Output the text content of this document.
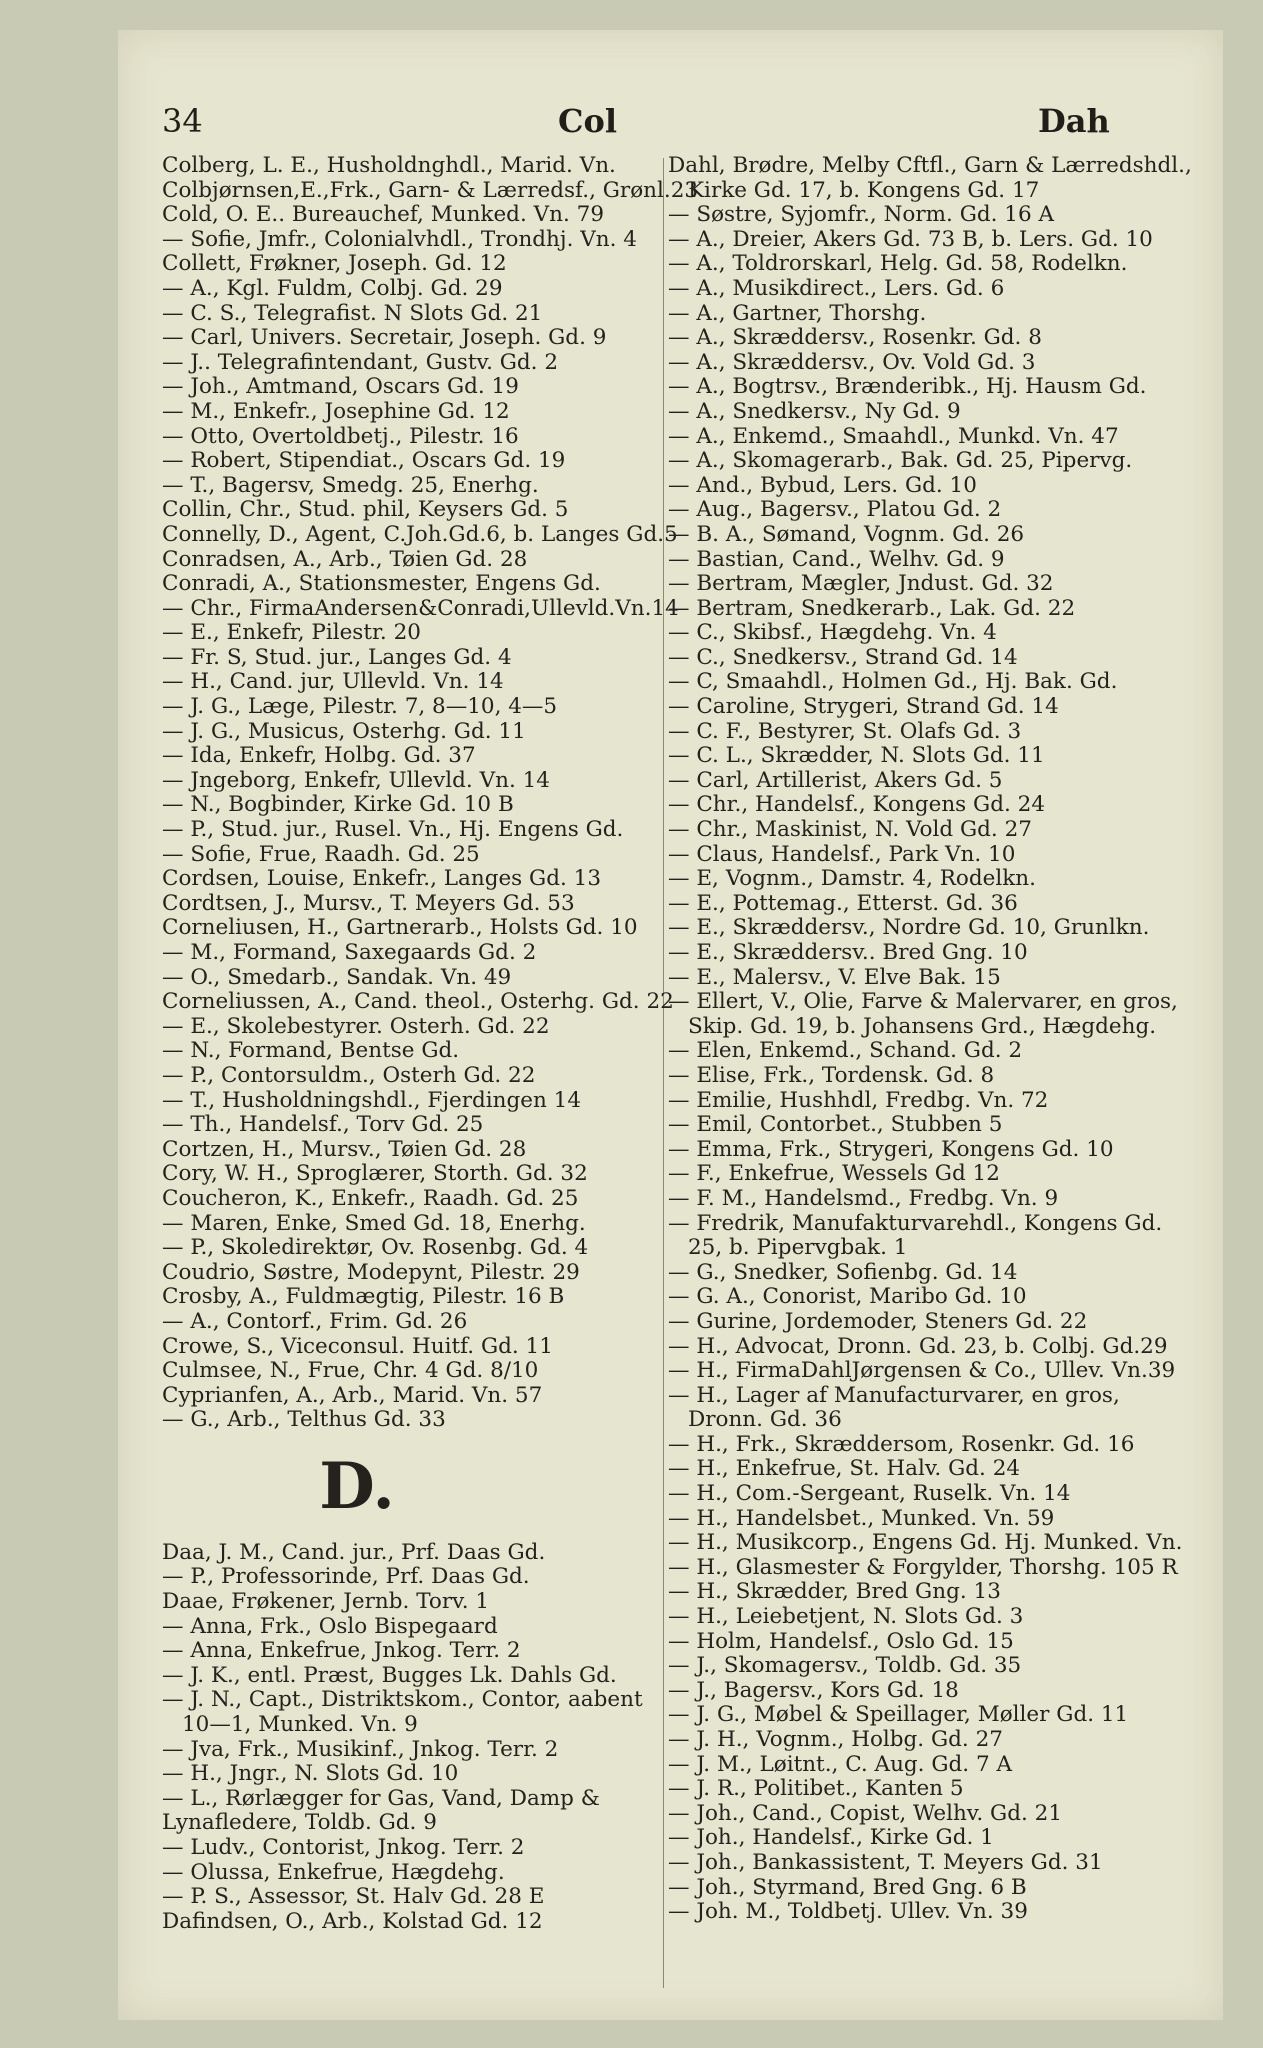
34	Col	Dah
Colberg, L. E., Husholdnghdl., Marid. Vn.
Colbjørnsen,E.,Frk., Garn- & Lærredsf., Grønl.23
Cold, O. E.. Bureauchef, Munked. Vn. 79
— Sofie, Jmfr., Colonialvhdl., Trondhj. Vn. 4
Collett, Frøkner, Joseph. Gd. 12
— A., Kgl. Fuldm, Colbj. Gd. 29
— C. S., Telegrafist. N Slots Gd. 21
— Carl, Univers. Secretair, Joseph. Gd. 9
— J.. Telegrafintendant, Gustv. Gd. 2
— Joh., Amtmand, Oscars Gd. 19
— M., Enkefr., Josephine Gd. 12
— Otto, Overtoldbetj., Pilestr. 16
— Robert, Stipendiat., Oscars Gd. 19
— T., Bagersv, Smedg. 25, Enerhg.
Collin, Chr., Stud. phil, Keysers Gd. 5
Connelly, D., Agent, C.Joh.Gd.6, b. Langes Gd.5
Conradsen, A., Arb., Tøien Gd. 28
Conradi, A., Stationsmester, Engens Gd.
— Chr., FirmaAndersen&Conradi,Ullevld.Vn.14
— E., Enkefr, Pilestr. 20
— Fr. S, Stud. jur., Langes Gd. 4
— H., Cand. jur, Ullevld. Vn. 14
— J. G., Læge, Pilestr. 7, 8—10, 4—5
— J. G., Musicus, Osterhg. Gd. 11
— Ida, Enkefr, Holbg. Gd. 37
— Jngeborg, Enkefr, Ullevld. Vn. 14
— N., Bogbinder, Kirke Gd. 10 B
— P., Stud. jur., Rusel. Vn., Hj. Engens Gd.
— Sofie, Frue, Raadh. Gd. 25
Cordsen, Louise, Enkefr., Langes Gd. 13
Cordtsen, J., Mursv., T. Meyers Gd. 53
Corneliusen, H., Gartnerarb., Holsts Gd. 10
— M., Formand, Saxegaards Gd. 2
— O., Smedarb., Sandak. Vn. 49
Corneliussen, A., Cand. theol., Osterhg. Gd. 22
— E., Skolebestyrer. Osterh. Gd. 22
— N., Formand, Bentse Gd.
— P., Contorsuldm., Osterh Gd. 22
— T., Husholdningshdl., Fjerdingen 14
— Th., Handelsf., Torv Gd. 25
Cortzen, H., Mursv., Tøien Gd. 28
Cory, W. H., Sproglærer, Storth. Gd. 32
Coucheron, K., Enkefr., Raadh. Gd. 25
— Maren, Enke, Smed Gd. 18, Enerhg.
— P., Skoledirektør, Ov. Rosenbg. Gd. 4
Coudrio, Søstre, Modepynt, Pilestr. 29
Crosby, A., Fuldmægtig, Pilestr. 16 B
— A., Contorf., Frim. Gd. 26
Crowe, S., Viceconsul. Huitf. Gd. 11
Culmsee, N., Frue, Chr. 4 Gd. 8/10
Cyprianfen, A., Arb., Marid. Vn. 57
— G., Arb., Telthus Gd. 33
D.
Daa, J. M., Cand. jur., Prf. Daas Gd.
— P., Professorinde, Prf. Daas Gd.
Daae, Frøkener, Jernb. Torv. 1
— Anna, Frk., Oslo Bispegaard
— Anna, Enkefrue, Jnkog. Terr. 2
— J. K., entl. Præst, Bugges Lk. Dahls Gd.
— J. N., Capt., Distriktskom., Contor, aabent
10—1, Munked. Vn. 9
— Jva, Frk., Musikinf., Jnkog. Terr. 2
— H., Jngr., N. Slots Gd. 10
— L., Rørlægger for Gas, Vand, Damp &
Lynafledere, Toldb. Gd. 9
— Ludv., Contorist, Jnkog. Terr. 2
— Olussa, Enkefrue, Hægdehg.
— P. S., Assessor, St. Halv Gd. 28 E
Dafindsen, O., Arb., Kolstad Gd. 12
Dahl, Brødre, Melby Cftfl., Garn & Lærredshdl.,
Kirke Gd. 17, b. Kongens Gd. 17
— Søstre, Syjomfr., Norm. Gd. 16 A
— A., Dreier, Akers Gd. 73 B, b. Lers. Gd. 10
— A., Toldrorskarl, Helg. Gd. 58, Rodelkn.
— A., Musikdirect., Lers. Gd. 6
— A., Gartner, Thorshg.
— A., Skræddersv., Rosenkr. Gd. 8
— A., Skræddersv., Ov. Vold Gd. 3
— A., Bogtrsv., Brænderibk., Hj. Hausm Gd.
— A., Snedkersv., Ny Gd. 9
— A., Enkemd., Smaahdl., Munkd. Vn. 47
— A., Skomagerarb., Bak. Gd. 25, Pipervg.
— And., Bybud, Lers. Gd. 10
— Aug., Bagersv., Platou Gd. 2
— B. A., Sømand, Vognm. Gd. 26
— Bastian, Cand., Welhv. Gd. 9
— Bertram, Mægler, Jndust. Gd. 32
— Bertram, Snedkerarb., Lak. Gd. 22
— C., Skibsf., Hægdehg. Vn. 4
— C., Snedkersv., Strand Gd. 14
— C, Smaahdl., Holmen Gd., Hj. Bak. Gd.
— Caroline, Strygeri, Strand Gd. 14
— C. F., Bestyrer, St. Olafs Gd. 3
— C. L., Skrædder, N. Slots Gd. 11
— Carl, Artillerist, Akers Gd. 5
— Chr., Handelsf., Kongens Gd. 24
— Chr., Maskinist, N. Vold Gd. 27
— Claus, Handelsf., Park Vn. 10
— E, Vognm., Damstr. 4, Rodelkn.
— E., Pottemag., Etterst. Gd. 36
— E., Skræddersv., Nordre Gd. 10, Grunlkn.
— E., Skræddersv.. Bred Gng. 10
— E., Malersv., V. Elve Bak. 15
— Ellert, V., Olie, Farve & Malervarer, en gros,
Skip. Gd. 19, b. Johansens Grd., Hægdehg.
— Elen, Enkemd., Schand. Gd. 2
— Elise, Frk., Tordensk. Gd. 8
— Emilie, Hushhdl, Fredbg. Vn. 72
— Emil, Contorbet., Stubben 5
— Emma, Frk., Strygeri, Kongens Gd. 10
— F., Enkefrue, Wessels Gd 12
— F. M., Handelsmd., Fredbg. Vn. 9
— Fredrik, Manufakturvarehdl., Kongens Gd.
25, b. Pipervgbak. 1
— G., Snedker, Sofienbg. Gd. 14
— G. A., Conorist, Maribo Gd. 10
— Gurine, Jordemoder, Steners Gd. 22
— H., Advocat, Dronn. Gd. 23, b. Colbj. Gd.29
— H., FirmaDahlJørgensen & Co., Ullev. Vn.39
— H., Lager af Manufacturvarer, en gros,
Dronn. Gd. 36
— H., Frk., Skræddersom, Rosenkr. Gd. 16
— H., Enkefrue, St. Halv. Gd. 24
— H., Com.-Sergeant, Ruselk. Vn. 14
— H., Handelsbet., Munked. Vn. 59
— H., Musikcorp., Engens Gd. Hj. Munked. Vn.
— H., Glasmester & Forgylder, Thorshg. 105 R
— H., Skrædder, Bred Gng. 13
— H., Leiebetjent, N. Slots Gd. 3
— Holm, Handelsf., Oslo Gd. 15
— J., Skomagersv., Toldb. Gd. 35
— J., Bagersv., Kors Gd. 18
— J. G., Møbel & Speillager, Møller Gd. 11
— J. H., Vognm., Holbg. Gd. 27
— J. M., Løitnt., C. Aug. Gd. 7 A
— J. R., Politibet., Kanten 5
— Joh., Cand., Copist, Welhv. Gd. 21
— Joh., Handelsf., Kirke Gd. 1
— Joh., Bankassistent, T. Meyers Gd. 31
— Joh., Styrmand, Bred Gng. 6 B
— Joh. M., Toldbetj. Ullev. Vn. 39
